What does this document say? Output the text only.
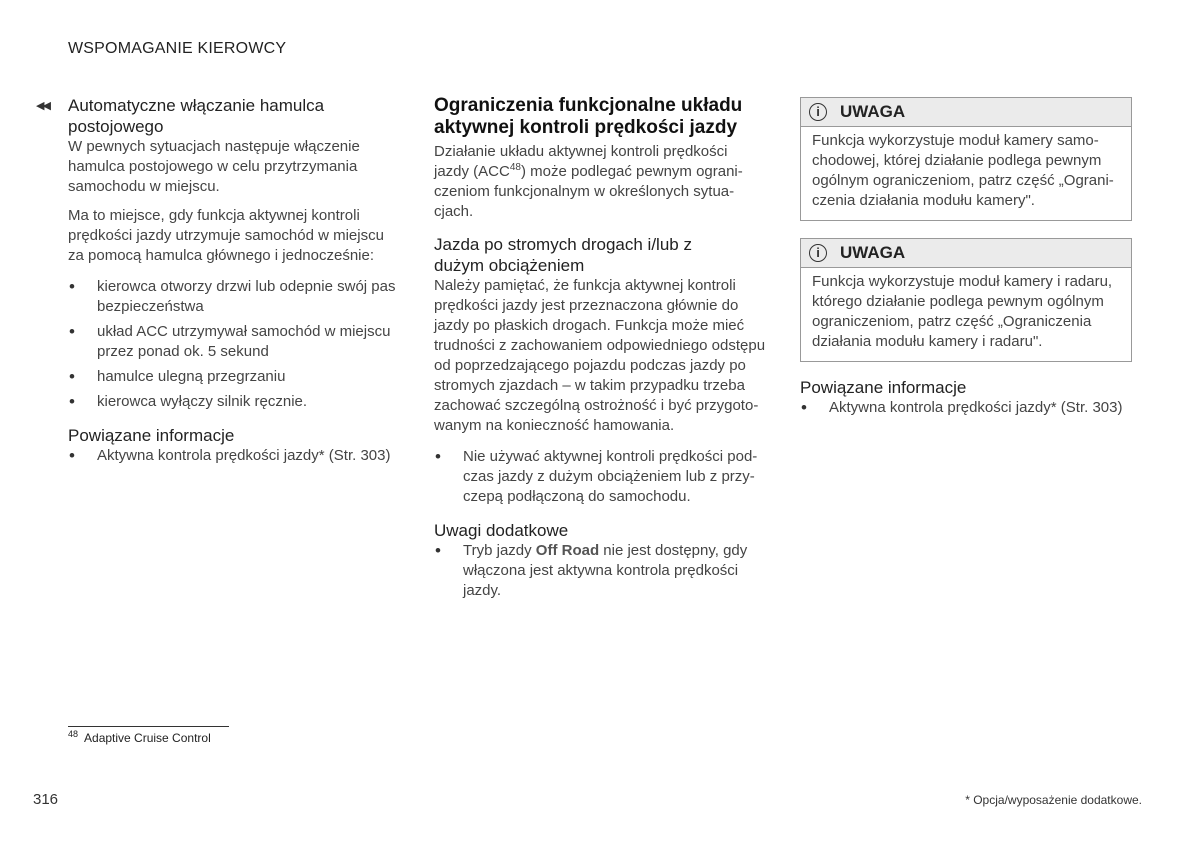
WSPOMAGANIE KIEROWCY
◀◀ Automatyczne włączanie hamulca
postojowego

W pewnych sytuacjach następuje włączenie
hamulca postojowego w celu przytrzymania
samochodu w miejscu.

Ma to miejsce, gdy funkcja aktywnej kontroli
prędkości jazdy utrzymuje samochód w miejscu
za pomocą hamulca głównego i jednocześnie:

• kierowca otworzy drzwi lub odepnie swój pas
bezpieczeństwa
• układ ACC utrzymywał samochód w miejscu
przez ponad ok. 5 sekund
• hamulce ulegną przegrzaniu
• kierowca wyłączy silnik ręcznie.
Powiązane informacje
• Aktywna kontrola prędkości jazdy* (Str. 303)
Ograniczenia funkcjonalne układu
aktywnej kontroli prędkości jazdy

Działanie układu aktywnej kontroli prędkości
jazdy (ACC$^{48}$) może podlegać pewnym ograni-
czeniom funkcjonalnym w określonych sytua-
cjach.

Jazda po stromych drogach i/lub z
dużym obciążeniem

Należy pamiętać, że funkcja aktywnej kontroli
prędkości jazdy jest przeznaczona głównie do
jazdy po płaskich drogach. Funkcja może mieć
trudności z zachowaniem odpowiedniego odstępu
od poprzedzającego pojazdu podczas jazdy po
stromych zjazdach – w takim przypadku trzeba
zachować szczególną ostrożność i być przygoto-
wanym na konieczność hamowania.

• Nie używać aktywnej kontroli prędkości pod-
czas jazdy z dużym obciążeniem lub z przy-
czepą podłączoną do samochodu.
Uwagi dodatkowe
• Tryb jazdy Off Road nie jest dostępny, gdy
włączona jest aktywna kontrola prędkości
jazdy.
i	UWAGA

Funkcja wykorzystuje moduł kamery samo-
chodowej, której działanie podlega pewnym
ogólnym ograniczeniom, patrz część „Ograni-
czenia działania modułu kamery".

i	UWAGA

Funkcja wykorzystuje moduł kamery i radaru,
którego działanie podlega pewnym ogólnym
ograniczeniom, patrz część „Ograniczenia
działania modułu kamery i radaru".

Powiązane informacje
• Aktywna kontrola prędkości jazdy* (Str. 303)
$^{48}$ Adaptive Cruise Control
316	* Opcja/wyposażenie dodatkowe.
